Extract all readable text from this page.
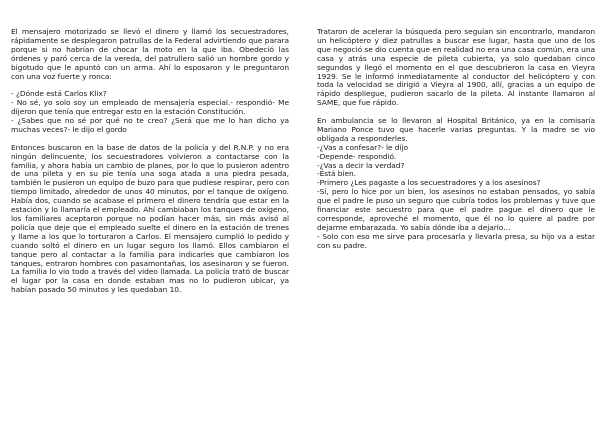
El mensajero motorizado se llevó el dinero y llamó los secuestradores, rápidamente se desplegaron patrullas de la Federal advirtiendo que parara porque si no habrían de chocar la moto en la que iba. Obedeció las órdenes y paró cerca de la vereda, del patrullero salió un hombre gordo y bigotudo que le apuntó con un arma. Ahí lo esposaron y le preguntaron con una voz fuerte y ronca:

- ¿Dónde está Carlos Klix?
- No sé, yo solo soy un empleado de mensajería especial.- respondió- Me dijeron que tenía que entregar esto en la estación Constitución.
- ¿Sabes que no sé por qué no te creo? ¿Será que me lo han dicho ya muchas veces?- le dijo el gordo

Entonces buscaron en la base de datos de la policía y del R.N.P. y no era ningún delincuente, los secuestradores volvieron a contactarse con la familia, y ahora había un cambio de planes, por lo que lo pusieron adentro de una pileta y en su pie tenía una soga atada a una piedra pesada, también le pusieron un equipo de buzo para que pudiese respirar, pero con tiempo limitado, alrededor de unos 40 minutos, por el tanque de oxígeno. Había dos, cuando se acabase el primero el dinero tendría que estar en la estación y lo llamaría el empleado. Ahí cambiaban los tanques de oxígeno, los familiares aceptaron porque no podían hacer más, sin más avisó al policía que deje que el empleado suelte el dinero en la estación de trenes y llame a los que lo torturaron a Carlos. El mensajero cumplió lo pedido y cuando soltó el dinero en un lugar seguro los llamó. Ellos cambiaron el tanque pero al contactar a la familia para indicarles que cambiaron los tanques, entraron hombres con pasamontañas, los asesinaron y se fueron. La familia lo vio todo a través del video llamada. La policía trató de buscar el lugar por la casa en donde estaban mas no lo pudieron ubicar, ya habían pasado 50 minutos y les quedaban 10.

Trataron de acelerar la búsqueda pero seguían sin encontrarlo, mandaron un helicóptero y diez patrullas a buscar ese lugar, hasta que uno de los que negoció se dio cuenta que en realidad no era una casa común, era una casa y atrás una especie de pileta cubierta, ya solo quedaban cinco segundos y llegó el momento en el que descubrieron la casa en Vieyra 1929. Se le informó inmediatamente al conductor del helicóptero y con toda la velocidad se dirigió a Vieyra al 1900, allí, gracias a un equipo de rápido despliegue, pudieron sacarlo de la pileta. Al instante llamaron al SAME, que fue rápido.

En ambulancia se lo llevaron al Hospital Británico, ya en la comisaría Mariano Ponce tuvo que hacerle varias preguntas. Y la madre se vio obligada a responderles.
-¿Vas a confesar?- le dijo
-Depende- respondió.
-¿Vas a decir la verdad?
-Está bien.
-Primero ¿Les pagaste a los secuestradores y a los asesinos?
-Sí, pero lo hice por un bien, los asesinos no estaban pensados, yo sabía que el padre le puso un seguro que cubría todos los problemas y tuve que financiar este secuestro para que el padre pague el dinero que le corresponde, aproveché el momento, que él no lo quiere al padre por dejarme embarazada. Yo sabía dónde iba a dejarlo…
- Solo con eso me sirve para procesarla y llevarla presa, su hijo va a estar con su padre.
